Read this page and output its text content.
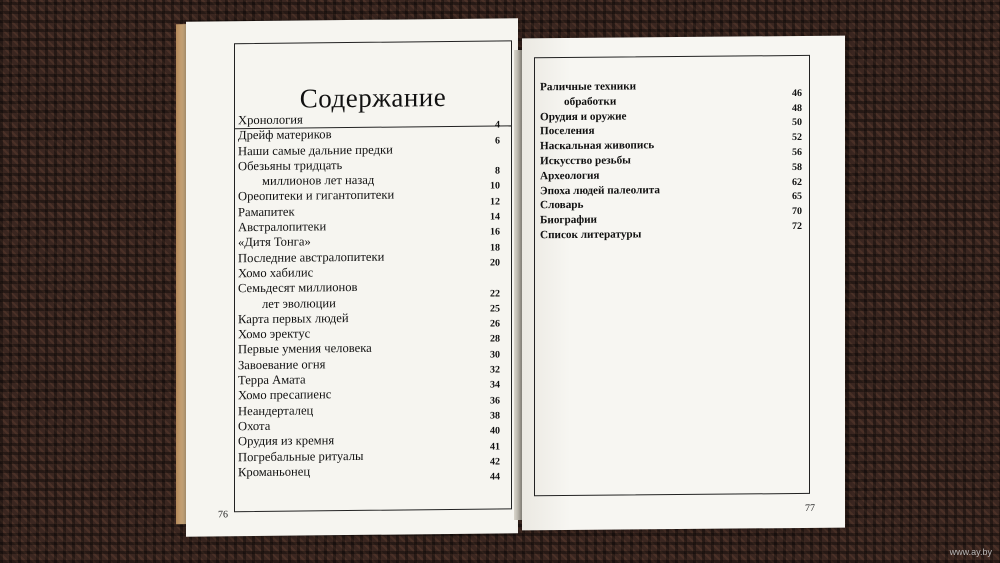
Содержание
Хронология
Дрейф материков
4
Наши самые дальние предки
6
Обезьяны тридцать
миллионов лет назад
8
Ореопитеки и гигантопитеки
10
Рамапитек
12
Австралопитеки
14
«Дитя Тонга»
16
Последние австралопитеки
18
Хомо хабилис
20
Семьдесят миллионов
лет эволюции
22
Карта первых людей
25
Хомо эректус
26
Первые умения человека
28
Завоевание огня
30
Терра Амата
32
Хомо пресапиенс
34
Неандерталец
36
Охота
38
Орудия из кремня
40
Погребальные ритуалы
41
Кроманьонец
42

44
76
Раличные техники
обработки
46
Орудия и оружие
48
Поселения
50
Наскальная живопись
52
Искусство резьбы
56
Археология
58
Эпоха людей палеолита
62
Словарь
65
Биографии
70
Список литературы
72
77
www.ay.by
